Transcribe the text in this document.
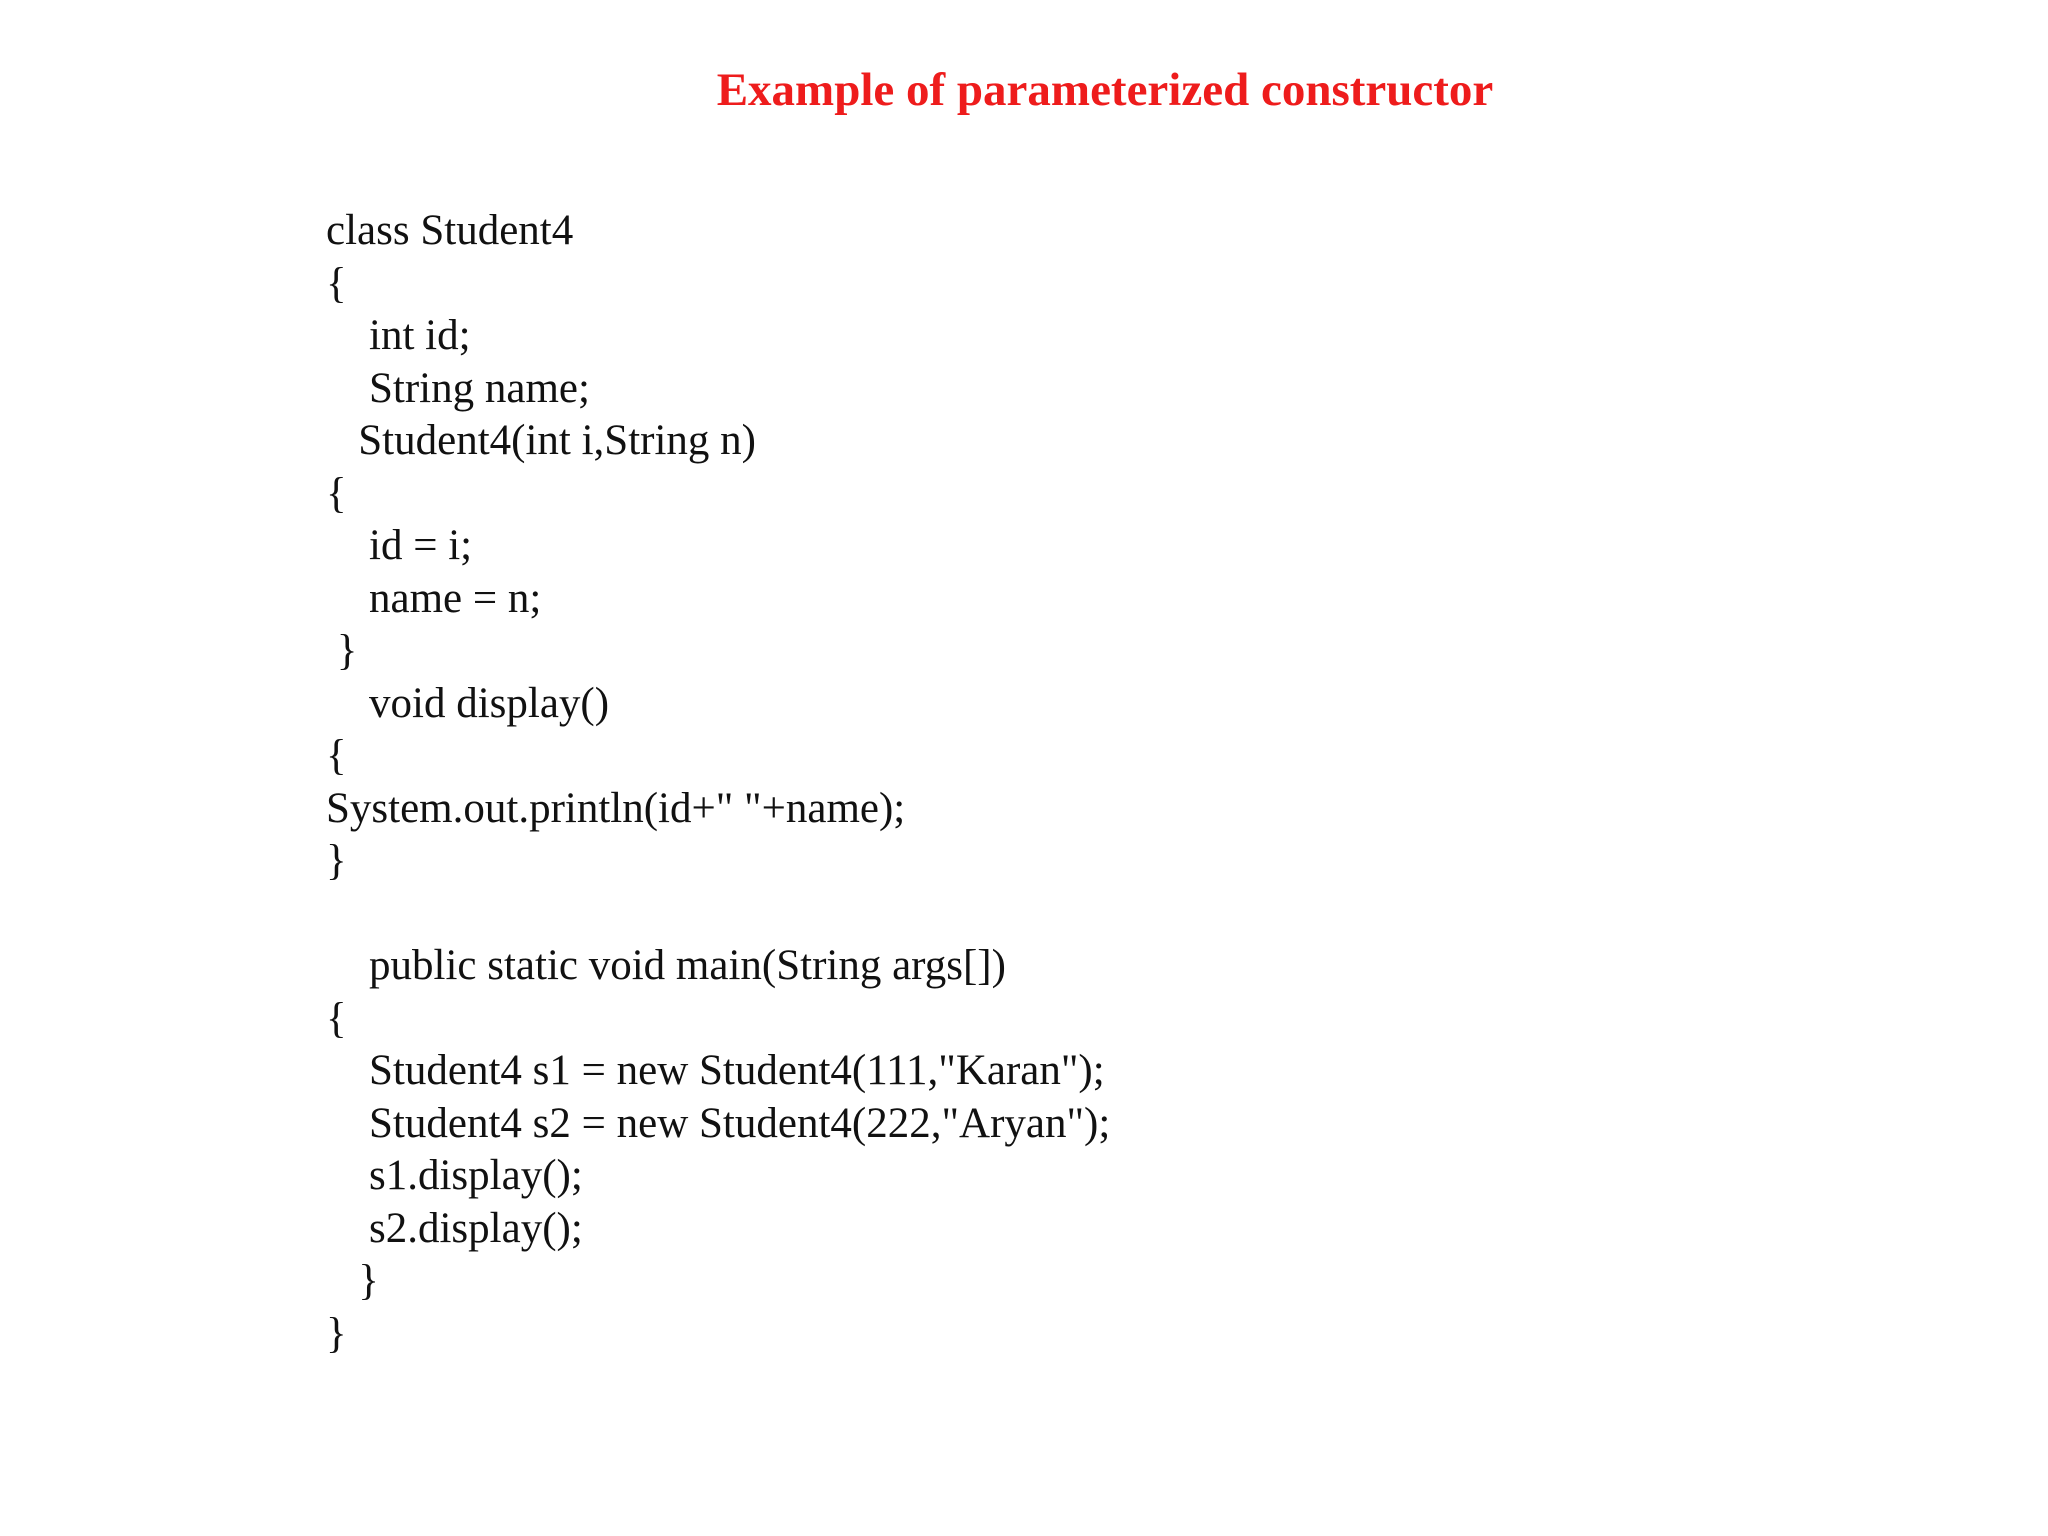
Example of parameterized constructor
class Student4
{
int id;
String name;
Student4(int i,String n)
{
id = i;
name = n;
}
void display()
{
System.out.println(id+" "+name);
}
public static void main(String args[])
{
Student4 s1 = new Student4(111,"Karan");
Student4 s2 = new Student4(222,"Aryan");
s1.display();
s2.display();
}
}
